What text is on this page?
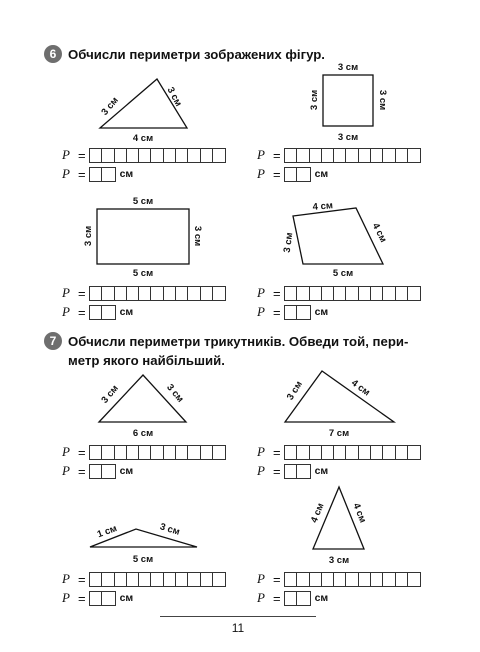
6 Обчисли периметри зображених фігур.
3 см	3 см
4 см
3 см
3 см	3 см
3 см
5 см
3 см	3 см
5 см
4 см
3 см	4 см
5 см
7 Обчисли периметри трикутників. Обведи той, пери-
метр якого найбільший.
3 см	3 см
6 см
3 см	4 см
7 см
1 см	3 см
5 см
4 см	4 см
3 см
P =
P =	см
P =
P =	см
P =
P =	см
P =
P =	см
P =
P =	см
P =
P =	см
P =
P =	см
P =
P =	см
11
